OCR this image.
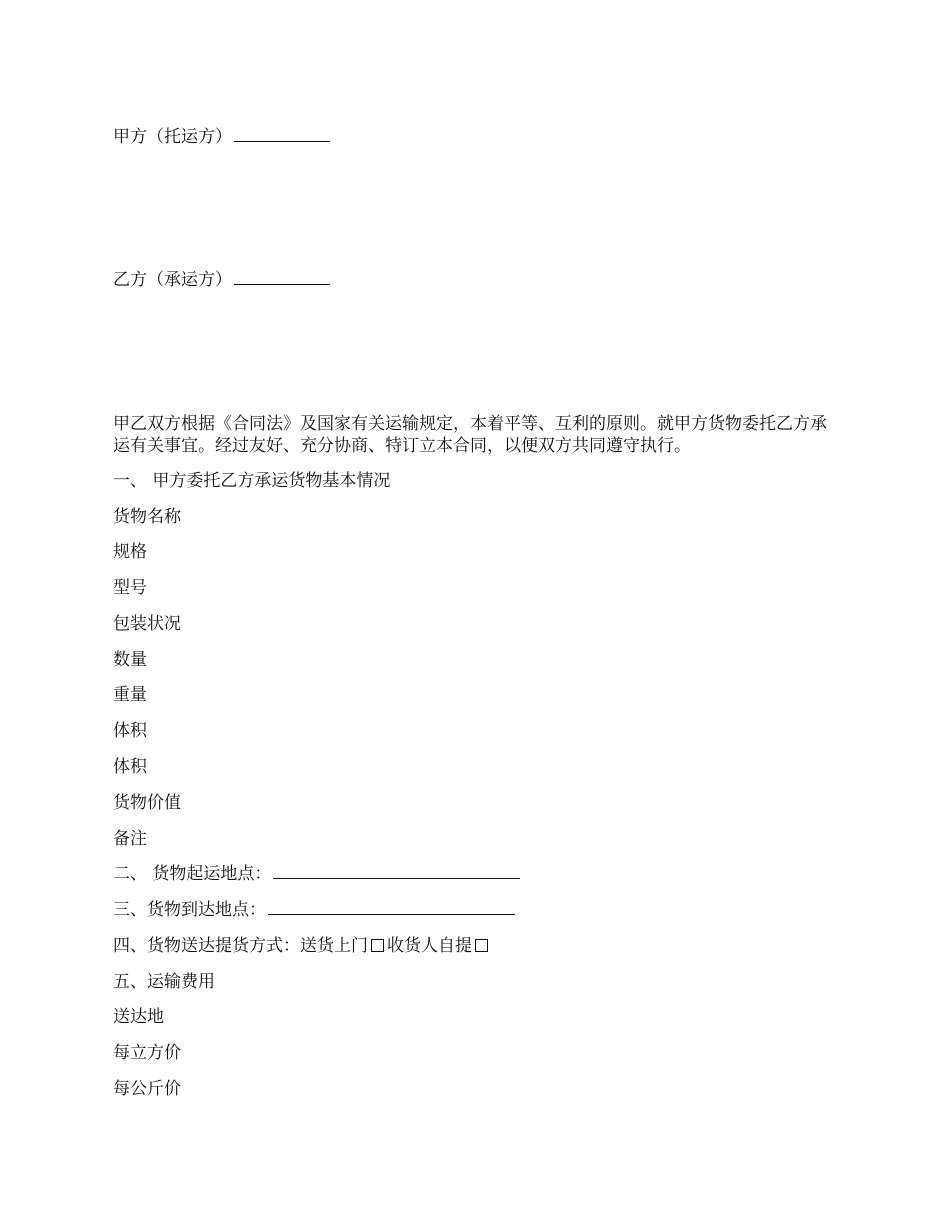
甲方（托运方）
乙方（承运方）
甲乙双方根据《合同法》及国家有关运输规定，本着平等、互利的原则。就甲方货物委托乙方承运有关事宜。经过友好、充分协商、特订立本合同，以便双方共同遵守执行。
一、 甲方委托乙方承运货物基本情况
货物名称
规格
型号
包装状况
数量
重量
体积
体积
货物价值
备注
二、 货物起运地点：
三、货物到达地点：
四、货物送达提货方式：送货上门 收货人自提
五、运输费用
送达地
每立方价
每公斤价
